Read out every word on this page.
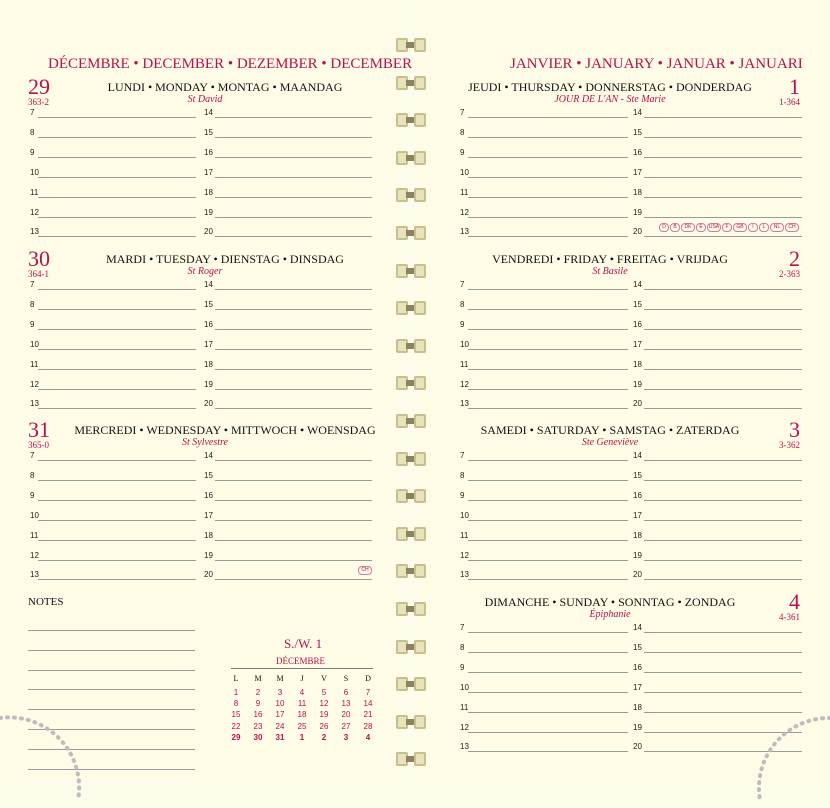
DÉCEMBRE • DECEMBER • DEZEMBER • DECEMBER
29
363-2
LUNDI • MONDAY • MONTAG • MAANDAG
St David
7	14
8	15
9	16
10	17
11	18
12	19
13	20
30
364-1
MARDI • TUESDAY • DIENSTAG • DINSDAG
St Roger
7	14
8	15
9	16
10	17
11	18
12	19
13	20
31
365-0
MERCREDI • WEDNESDAY • MITTWOCH • WOENSDAG
St Sylvestre
7	14
8	15
9	16
10	17
11	18
12	19
13	20
CH
JANVIER • JANUARY • JANUAR • JANUARI
1
1-364
JEUDI • THURSDAY • DONNERSTAG • DONDERDAG
JOUR DE L'AN - Ste Marie
7	14
8	15
9	16
10	17
11	18
12	19
13	20
2
2-363
VENDREDI • FRIDAY • FREITAG • VRIJDAG
St Basile
7	14
8	15
9	16
10	17
11	18
12	19
13	20
3
3-362
SAMEDI • SATURDAY • SAMSTAG • ZATERDAG
Ste Geneviève
7	14
8	15
9	16
10	17
11	18
12	19
13	20
4
4-361
DIMANCHE • SUNDAY • SONNTAG • ZONDAG
Épiphanie
7	14
8	15
9	16
10	17
11	18
12	19
13	20
D	B	DK	E	USA	F	GB	I	L	NL	CH
NOTES
S./W. 1
DÉCEMBRE
L	M	M	J	V	S	D
1	2	3	4	5	6	7
8	9	10	11	12	13	14
15	16	17	18	19	20	21
22	23	24	25	26	27	28
29	30	31	1	2	3	4
